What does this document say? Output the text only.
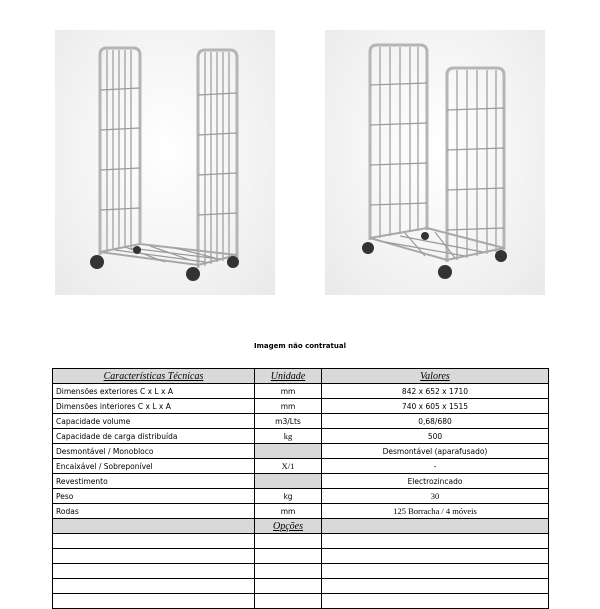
Imagem não contratual
Características Técnicas	Unidade	Valores
Dimensões exteriores C x L x A	mm	842 x 652 x 1710
Dimensões interiores C x L x A	mm	740 x 605 x 1515
Capacidade volume	m3/Lts	0,68/680
Capacidade de carga distribuída	kg	500
Desmontável / Monobloco		Desmontável (aparafusado)
Encaixável / Sobreponível	X/1	-
Revestimento		Electrozincado
Peso	kg	30
Rodas	mm	125 Borracha / 4 móveis
	Opções	
